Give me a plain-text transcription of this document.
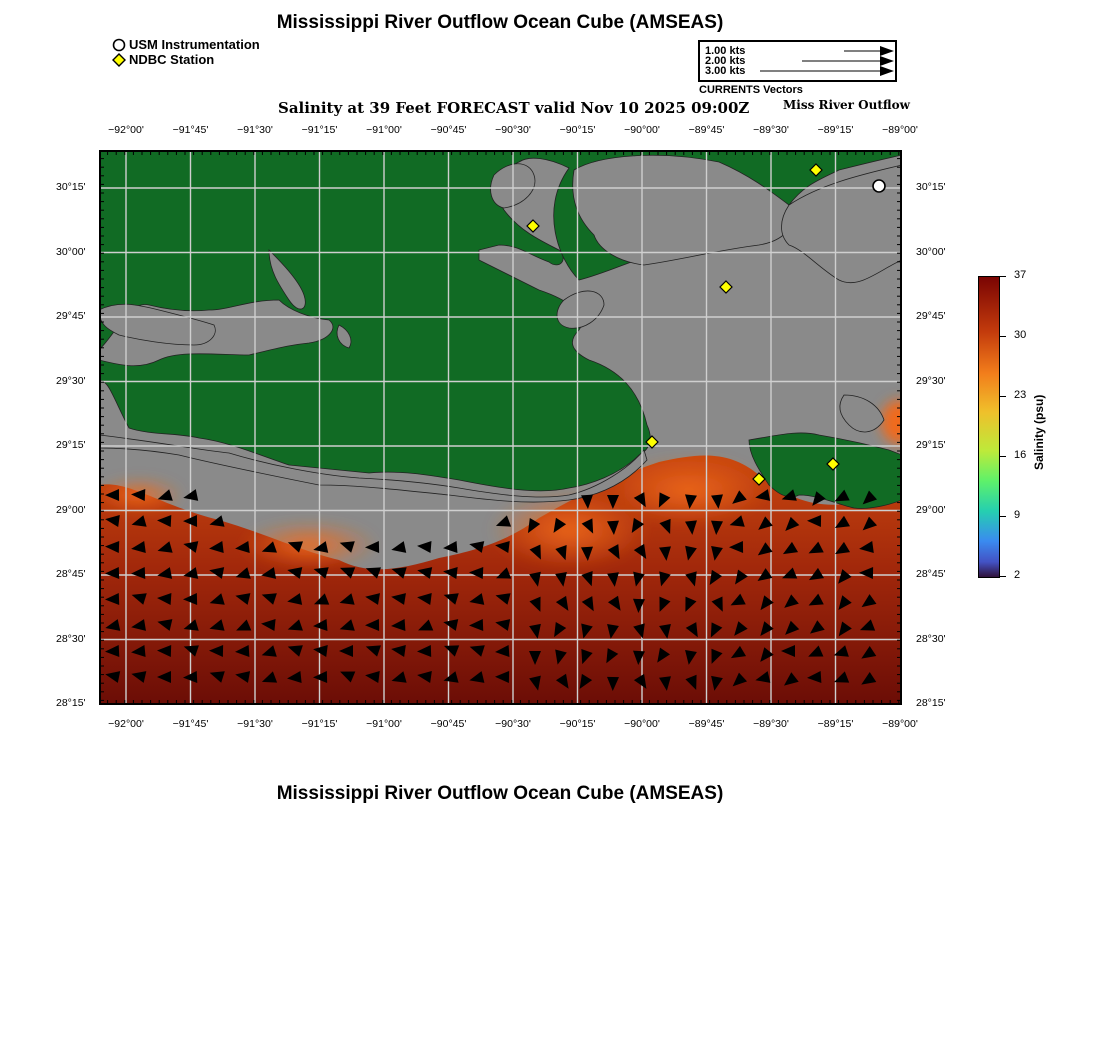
Mississippi River Outflow Ocean Cube (AMSEAS)
USM Instrumentation
NDBC Station
1.00 kts
2.00 kts
3.00 kts
CURRENTS Vectors
Salinity at 39 Feet FORECAST valid Nov 10 2025 09:00Z	Miss River Outflow
−92°00'	−91°45'	−91°30'	−91°15'	−91°00'	−90°45'	−90°30'	−90°15'	−90°00'	−89°45'	−89°30'	−89°15'	−89°00'
−92°00'	−91°45'	−91°30'	−91°15'	−91°00'	−90°45'	−90°30'	−90°15'	−90°00'	−89°45'	−89°30'	−89°15'	−89°00'
30°15'
30°00'
29°45'
29°30'
29°15'
29°00'
28°45'
28°30'
28°15'
30°15'
30°00'
29°45'
29°30'
29°15'
29°00'
28°45'
28°30'
28°15'
37
30
23
16
9
2
Salinity (psu)
Mississippi River Outflow Ocean Cube (AMSEAS)
